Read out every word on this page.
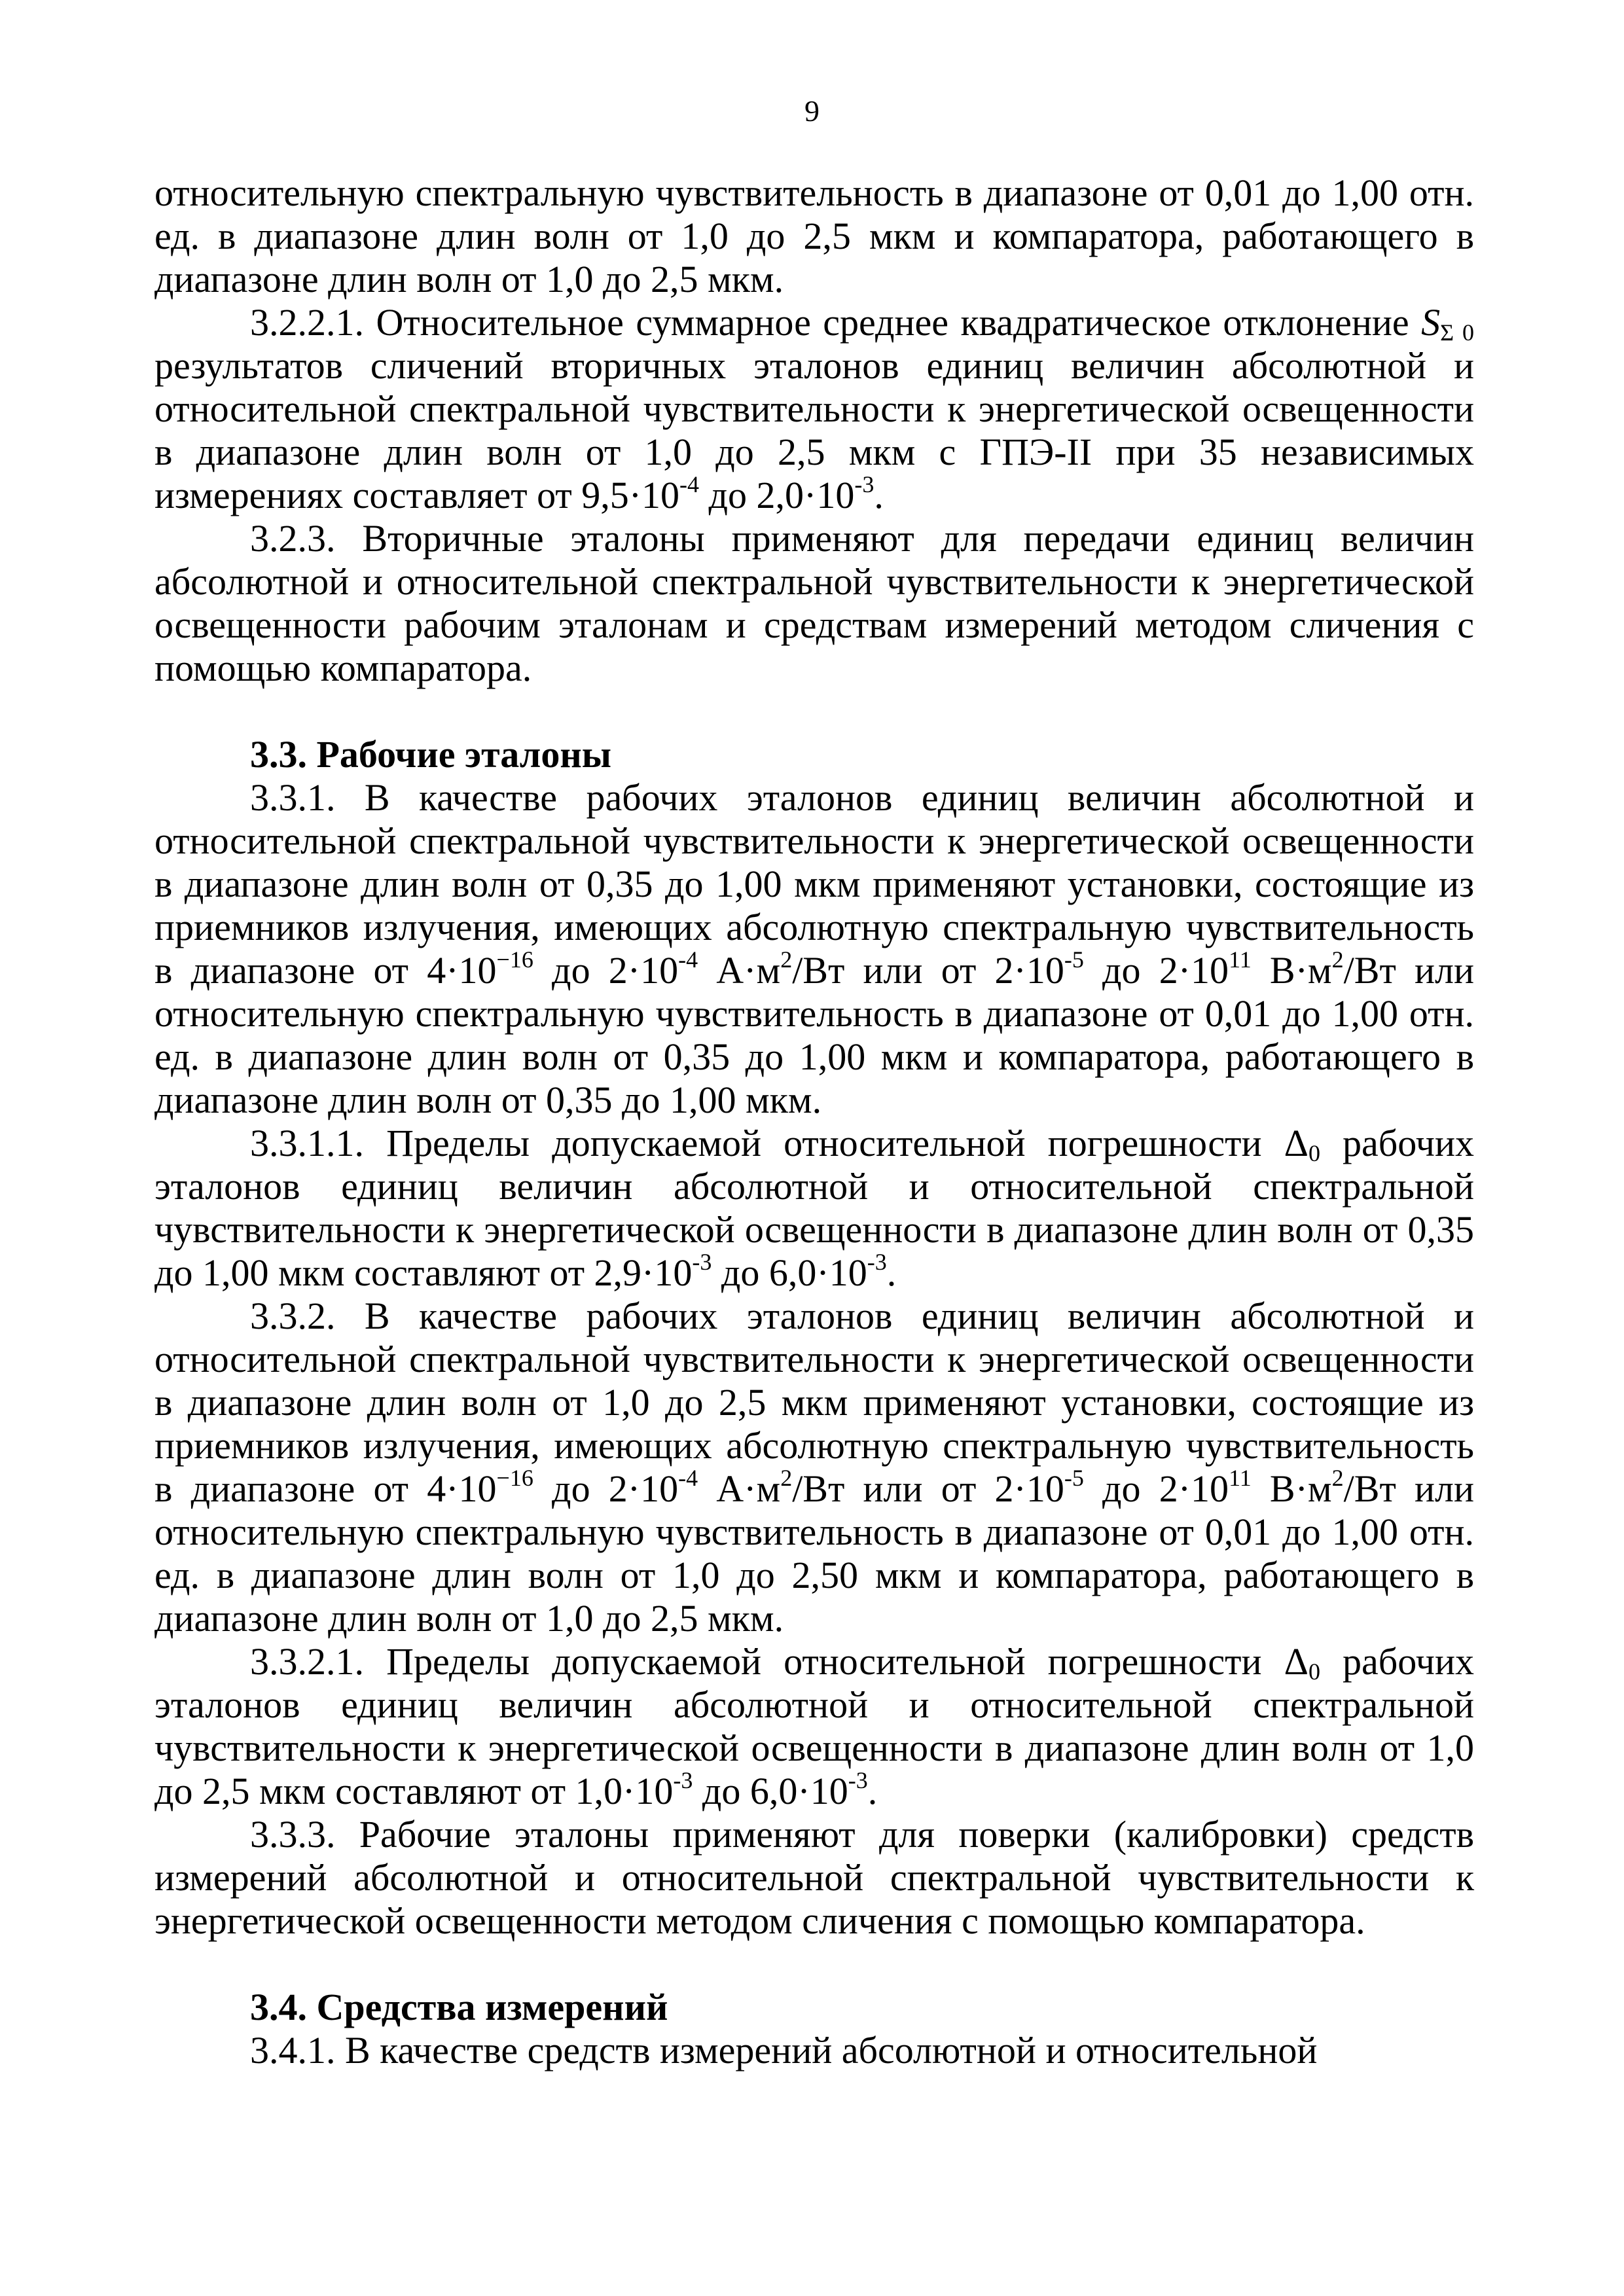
9

относительную спектральную чувствительность в диапазоне от 0,01 до 1,00 отн. ед. в диапазоне длин волн от 1,0 до 2,5 мкм и компаратора, работающего в диапазоне длин волн от 1,0 до 2,5 мкм.

3.2.2.1. Относительное суммарное среднее квадратическое отклонение $S_{\Sigma 0}$ результатов сличений вторичных эталонов единиц величин абсолютной и относительной спектральной чувствительности к энергетической освещенности в диапазоне длин волн от 1,0 до 2,5 мкм с ГПЭ-II при 35 независимых измерениях составляет от $9,5\cdot 10^{-4}$ до $2,0\cdot 10^{-3}$.

3.2.3. Вторичные эталоны применяют для передачи единиц величин абсолютной и относительной спектральной чувствительности к энергетической освещенности рабочим эталонам и средствам измерений методом сличения с помощью компаратора.

3.3. Рабочие эталоны

3.3.1. В качестве рабочих эталонов единиц величин абсолютной и относительной спектральной чувствительности к энергетической освещенности в диапазоне длин волн от 0,35 до 1,00 мкм применяют установки, состоящие из приемников излучения, имеющих абсолютную спектральную чувствительность в диапазоне от $4\cdot 10^{-16}$ до $2\cdot 10^{-4}$ $А\cdot м^2/Вт$ или от $2\cdot 10^{-5}$ до $2\cdot 10^{11}$ $В\cdot м^2/Вт$ или относительную спектральную чувствительность в диапазоне от 0,01 до 1,00 отн. ед. в диапазоне длин волн от 0,35 до 1,00 мкм и компаратора, работающего в диапазоне длин волн от 0,35 до 1,00 мкм.

3.3.1.1. Пределы допускаемой относительной погрешности $\Delta_0$ рабочих эталонов единиц величин абсолютной и относительной спектральной чувствительности к энергетической освещенности в диапазоне длин волн от 0,35 до 1,00 мкм составляют от $2,9\cdot 10^{-3}$ до $6,0\cdot 10^{-3}$.

3.3.2. В качестве рабочих эталонов единиц величин абсолютной и относительной спектральной чувствительности к энергетической освещенности в диапазоне длин волн от 1,0 до 2,5 мкм применяют установки, состоящие из приемников излучения, имеющих абсолютную спектральную чувствительность в диапазоне от $4\cdot 10^{-16}$ до $2\cdot 10^{-4}$ $А\cdot м^2/Вт$ или от $2\cdot 10^{-5}$ до $2\cdot 10^{11}$ $В\cdot м^2/Вт$ или относительную спектральную чувствительность в диапазоне от 0,01 до 1,00 отн. ед. в диапазоне длин волн от 1,0 до 2,50 мкм и компаратора, работающего в диапазоне длин волн от 1,0 до 2,5 мкм.

3.3.2.1. Пределы допускаемой относительной погрешности $\Delta_0$ рабочих эталонов единиц величин абсолютной и относительной спектральной чувствительности к энергетической освещенности в диапазоне длин волн от 1,0 до 2,5 мкм составляют от $1,0\cdot 10^{-3}$ до $6,0\cdot 10^{-3}$.

3.3.3. Рабочие эталоны применяют для поверки (калибровки) средств измерений абсолютной и относительной спектральной чувствительности к энергетической освещенности методом сличения с помощью компаратора.

3.4. Средства измерений

3.4.1. В качестве средств измерений абсолютной и относительной
